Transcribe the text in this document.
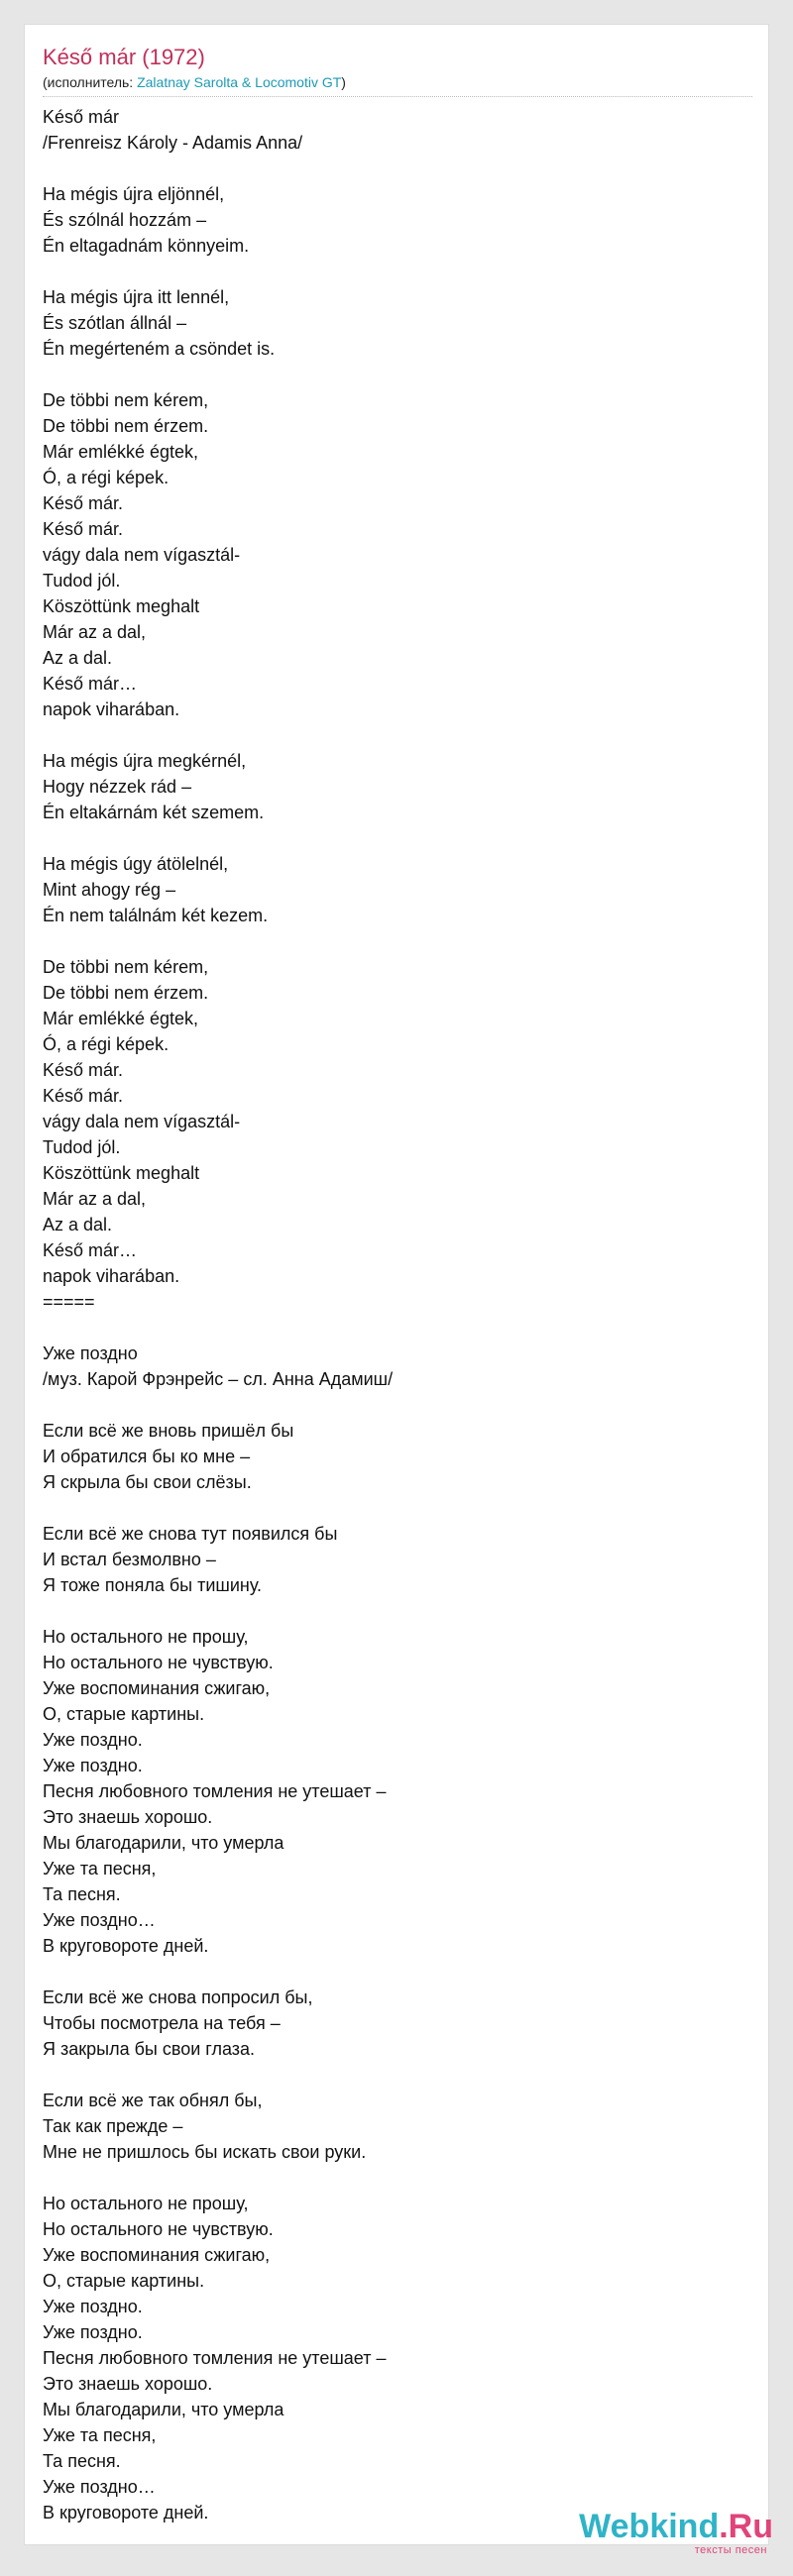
Késő már (1972)
(исполнитель: Zalatnay Sarolta & Locomotiv GT)
Késő már
/Frenreisz Károly - Adamis Anna/

Ha mégis újra eljönnél,
És szólnál hozzám –
Én eltagadnám könnyeim.

Ha mégis újra itt lennél,
És szótlan állnál –
Én megérteném a csöndet is.

De többi nem kérem,
De többi nem érzem.
Már emlékké égtek,
Ó, a régi képek.
Késő már.
Késő már.
vágy dala nem vígasztál-
Tudod jól.
Köszöttünk meghalt
Már az a dal,
Az a dal.
Késő már…
napok viharában.

Ha mégis újra megkérnél,
Hogy nézzek rád –
Én eltakárnám két szemem.

Ha mégis úgy átölelnél,
Mint ahogy rég –
Én nem találnám két kezem.

De többi nem kérem,
De többi nem érzem.
Már emlékké égtek,
Ó, a régi képek.
Késő már.
Késő már.
vágy dala nem vígasztál-
Tudod jól.
Köszöttünk meghalt
Már az a dal,
Az a dal.
Késő már…
napok viharában.
=====

Уже поздно
/муз. Карой Фрэнрейс – сл. Анна Адамиш/

Если всё же вновь пришёл бы
И обратился бы ко мне –
Я скрыла бы свои слёзы.

Если всё же снова тут появился бы
И встал безмолвно –
Я тоже поняла бы тишину.

Но остального не прошу,
Но остального не чувствую.
Уже воспоминания сжигаю,
О, старые картины.
Уже поздно.
Уже поздно.
Песня любовного томления не утешает –
Это знаешь хорошо.
Мы благодарили, что умерла
Уже та песня,
Та песня.
Уже поздно…
В круговороте дней.

Если всё же снова попросил бы,
Чтобы посмотрела на тебя –
Я закрыла бы свои глаза.

Если всё же так обнял бы,
Так как прежде –
Мне не пришлось бы искать свои руки.

Но остального не прошу,
Но остального не чувствую.
Уже воспоминания сжигаю,
О, старые картины.
Уже поздно.
Уже поздно.
Песня любовного томления не утешает –
Это знаешь хорошо.
Мы благодарили, что умерла
Уже та песня,
Та песня.
Уже поздно…
В круговороте дней.	Webkind.Ru
тексты песен
